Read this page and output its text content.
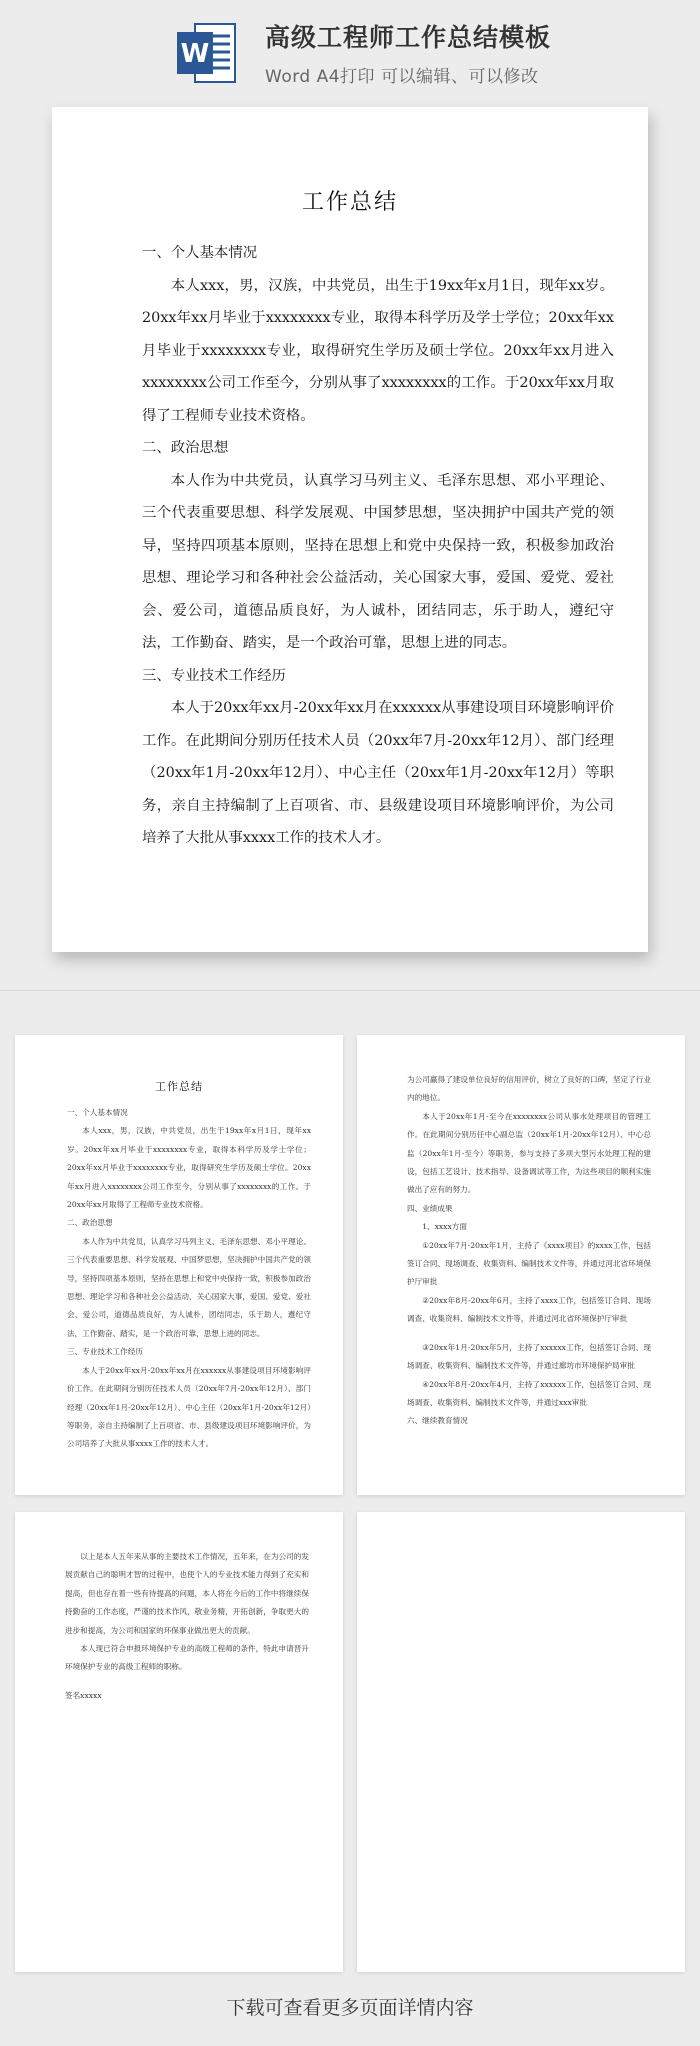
W
高级工程师工作总结模板
Word A4打印 可以编辑、可以修改
工作总结

一、个人基本情况

本人xxx，男，汉族，中共党员，出生于19xx年x月1日，现年xx岁。20xx年xx月毕业于xxxxxxxx专业，取得本科学历及学士学位；20xx年xx月毕业于xxxxxxxx专业，取得研究生学历及硕士学位。20xx年xx月进入xxxxxxxx公司工作至今，分别从事了xxxxxxxx的工作。于20xx年xx月取得了工程师专业技术资格。

二、政治思想

本人作为中共党员，认真学习马列主义、毛泽东思想、邓小平理论、三个代表重要思想、科学发展观、中国梦思想，坚决拥护中国共产党的领导，坚持四项基本原则，坚持在思想上和党中央保持一致，积极参加政治思想、理论学习和各种社会公益活动，关心国家大事，爱国、爱党、爱社会、爱公司，道德品质良好，为人诚朴，团结同志，乐于助人，遵纪守法，工作勤奋、踏实，是一个政治可靠，思想上进的同志。

三、专业技术工作经历

本人于20xx年xx月-20xx年xx月在xxxxxx从事建设项目环境影响评价工作。在此期间分别历任技术人员（20xx年7月-20xx年12月）、部门经理（20xx年1月-20xx年12月）、中心主任（20xx年1月-20xx年12月）等职务，亲自主持编制了上百项省、市、县级建设项目环境影响评价，为公司培养了大批从事xxxx工作的技术人才。

工作总结

一、个人基本情况

本人xxx，男，汉族，中共党员，出生于19xx年x月1日，现年xx岁。20xx年xx月毕业于xxxxxxxx专业，取得本科学历及学士学位；20xx年xx月毕业于xxxxxxxx专业，取得研究生学历及硕士学位。20xx年xx月进入xxxxxxxx公司工作至今，分别从事了xxxxxxxx的工作。于20xx年xx月取得了工程师专业技术资格。

二、政治思想

本人作为中共党员，认真学习马列主义、毛泽东思想、邓小平理论、三个代表重要思想、科学发展观、中国梦思想，坚决拥护中国共产党的领导，坚持四项基本原则，坚持在思想上和党中央保持一致，积极参加政治思想、理论学习和各种社会公益活动，关心国家大事，爱国、爱党、爱社会、爱公司，道德品质良好，为人诚朴，团结同志，乐于助人，遵纪守法，工作勤奋、踏实，是一个政治可靠，思想上进的同志。

三、专业技术工作经历

本人于20xx年xx月-20xx年xx月在xxxxxx从事建设项目环境影响评价工作。在此期间分别历任技术人员（20xx年7月-20xx年12月）、部门经理（20xx年1月-20xx年12月）、中心主任（20xx年1月-20xx年12月）等职务，亲自主持编制了上百项省、市、县级建设项目环境影响评价，为公司培养了大批从事xxxx工作的技术人才。

为公司赢得了建设单位良好的信用评价，树立了良好的口碑，坚定了行业内的地位。

本人于20xx年1月-至今在xxxxxxxx公司从事水处理项目的管理工作。在此期间分别历任中心副总监（20xx年1月-20xx年12月）、中心总监（20xx年1月-至今）等职务，参与支持了多项大型污水处理工程的建设，包括工艺设计、技术指导、设备调试等工作，为这些项目的顺利实施做出了应有的努力。

四、业绩成果

1、xxxx方面

①20xx年7月-20xx年1月，主持了《xxxx项目》的xxxx工作，包括签订合同、现场调查、收集资料、编制技术文件等，并通过河北省环境保护厅审批

②20xx年8月-20xx年6月，主持了xxxx工作，包括签订合同、现场调查、收集资料、编制技术文件等，并通过河北省环境保护厅审批

③20xx年1月-20xx年5月，主持了xxxxxx工作，包括签订合同、现场调查、收集资料、编制技术文件等，并通过廊坊市环境保护局审批

④20xx年8月-20xx年4月，主持了xxxxxx工作，包括签订合同、现场调查、收集资料、编制技术文件等，并通过xxx审批

六、继续教育情况

以上是本人五年来从事的主要技术工作情况，五年来，在为公司的发展贡献自己的聪明才智的过程中，也使个人的专业技术能力得到了充实和提高，但也存在着一些有待提高的问题，本人将在今后的工作中将继续保持勤奋的工作态度，严谨的技术作风，敬业务精，开拓创新，争取更大的进步和提高，为公司和国家的环保事业做出更大的贡献。

本人现已符合申报环境保护专业的高级工程师的条件，特此申请晋升环境保护专业的高级工程师的职称。

签名xxxxx

下载可查看更多页面详情内容
